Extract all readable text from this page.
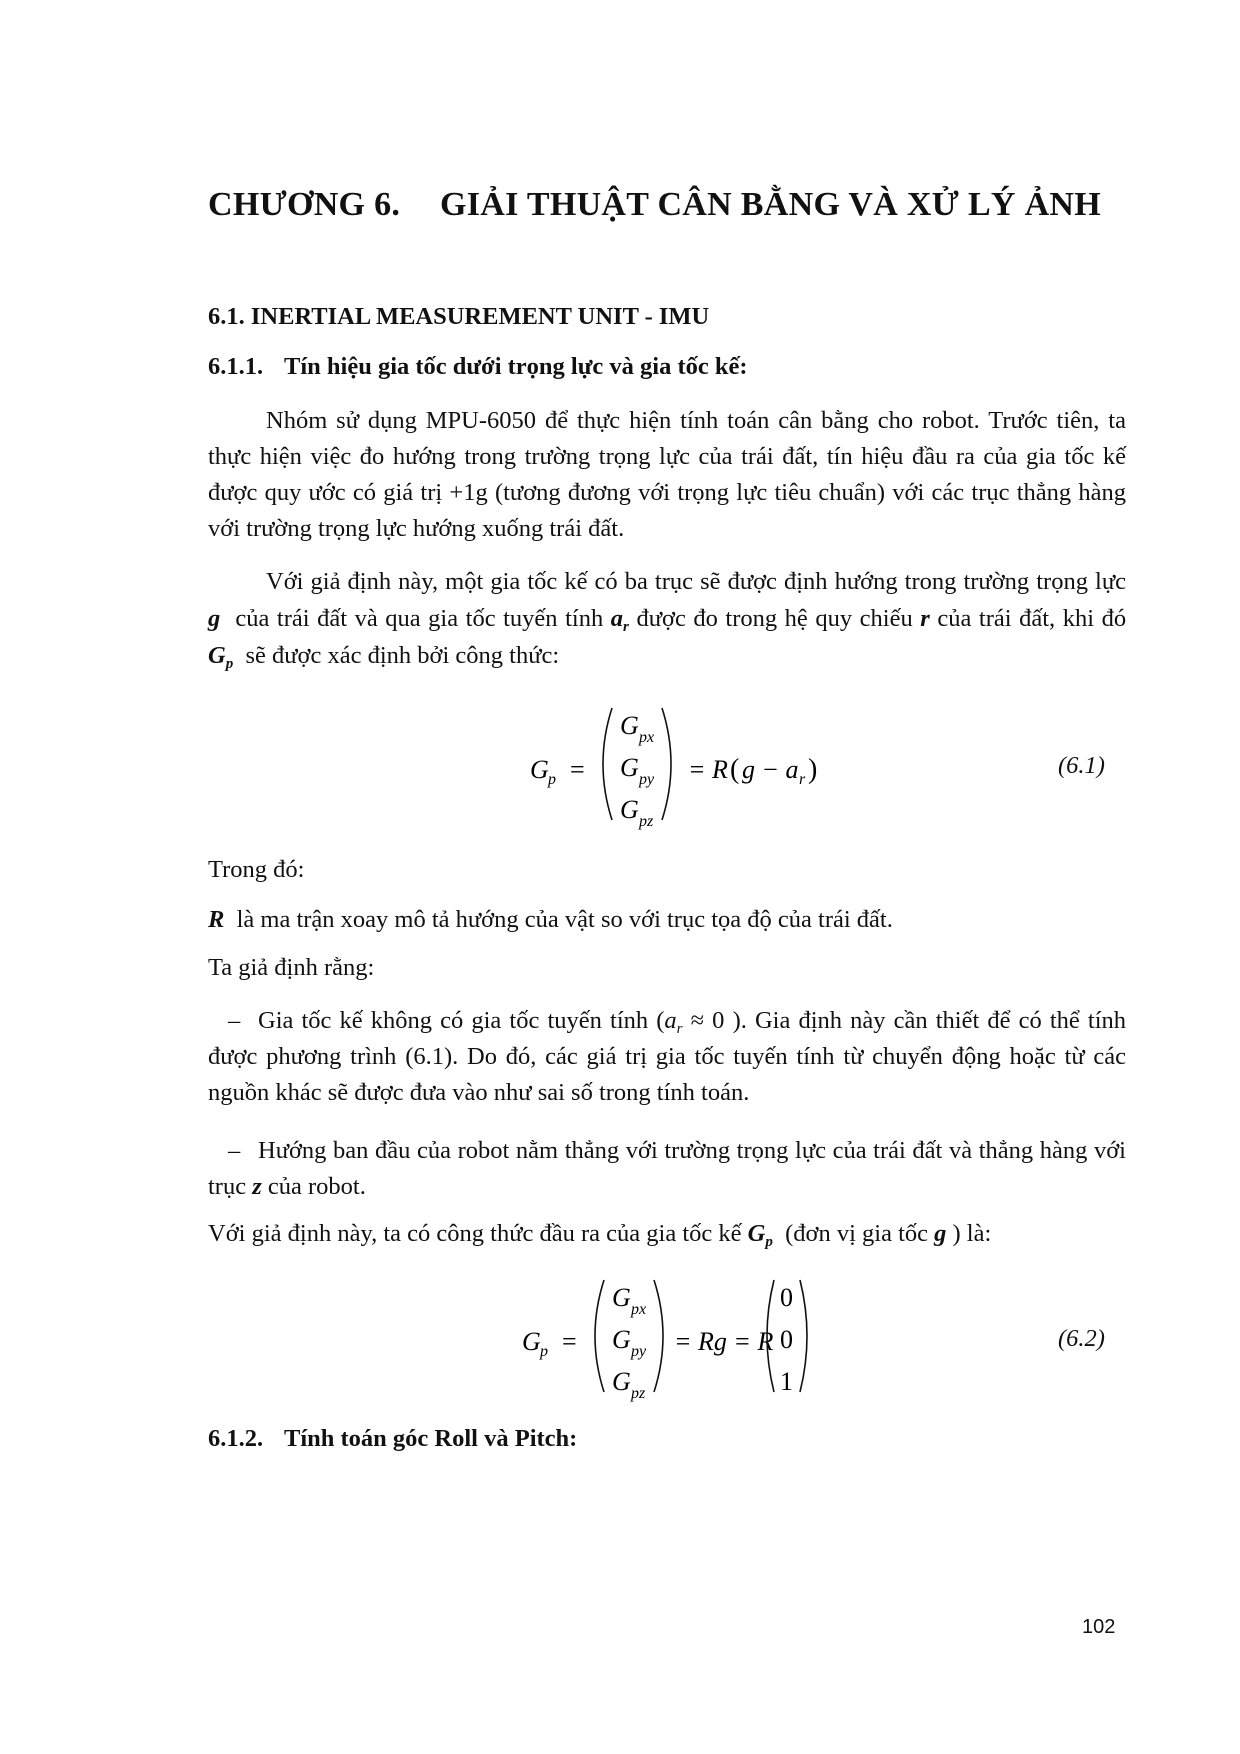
CHƯƠNG 6. GIẢI THUẬT CÂN BẰNG VÀ XỬ LÝ ẢNH
6.1. INERTIAL MEASUREMENT UNIT - IMU
6.1.1. Tín hiệu gia tốc dưới trọng lực và gia tốc kế:
Nhóm sử dụng MPU-6050 để thực hiện tính toán cân bằng cho robot. Trước tiên, ta thực hiện việc đo hướng trong trường trọng lực của trái đất, tín hiệu đầu ra của gia tốc kế được quy ước có giá trị +1g (tương đương với trọng lực tiêu chuẩn) với các trục thẳng hàng với trường trọng lực hướng xuống trái đất.
Với giả định này, một gia tốc kế có ba trục sẽ được định hướng trong trường trọng lực g của trái đất và qua gia tốc tuyến tính $a_r$ được đo trong hệ quy chiếu r của trái đất, khi đó $G_p$ sẽ được xác định bởi công thức:
G p =
G px
G py
G pz
= R ( g − a r )	(6.1)
Trong đó:
R là ma trận xoay mô tả hướng của vật so với trục tọa độ của trái đất.
Ta giả định rằng:
– Gia tốc kế không có gia tốc tuyến tính ($a_r \approx 0$ ). Gia định này cần thiết để có thể tính được phương trình (6.1). Do đó, các giá trị gia tốc tuyến tính từ chuyển động hoặc từ các nguồn khác sẽ được đưa vào như sai số trong tính toán.
– Hướng ban đầu của robot nằm thẳng với trường trọng lực của trái đất và thẳng hàng với trục z của robot.
Với giả định này, ta có công thức đầu ra của gia tốc kế $G_p$ (đơn vị gia tốc g ) là:
G p =
G px
G py
G pz
= Rg = R
0
0
1
(6.2)
6.1.2. Tính toán góc Roll và Pitch:
102
